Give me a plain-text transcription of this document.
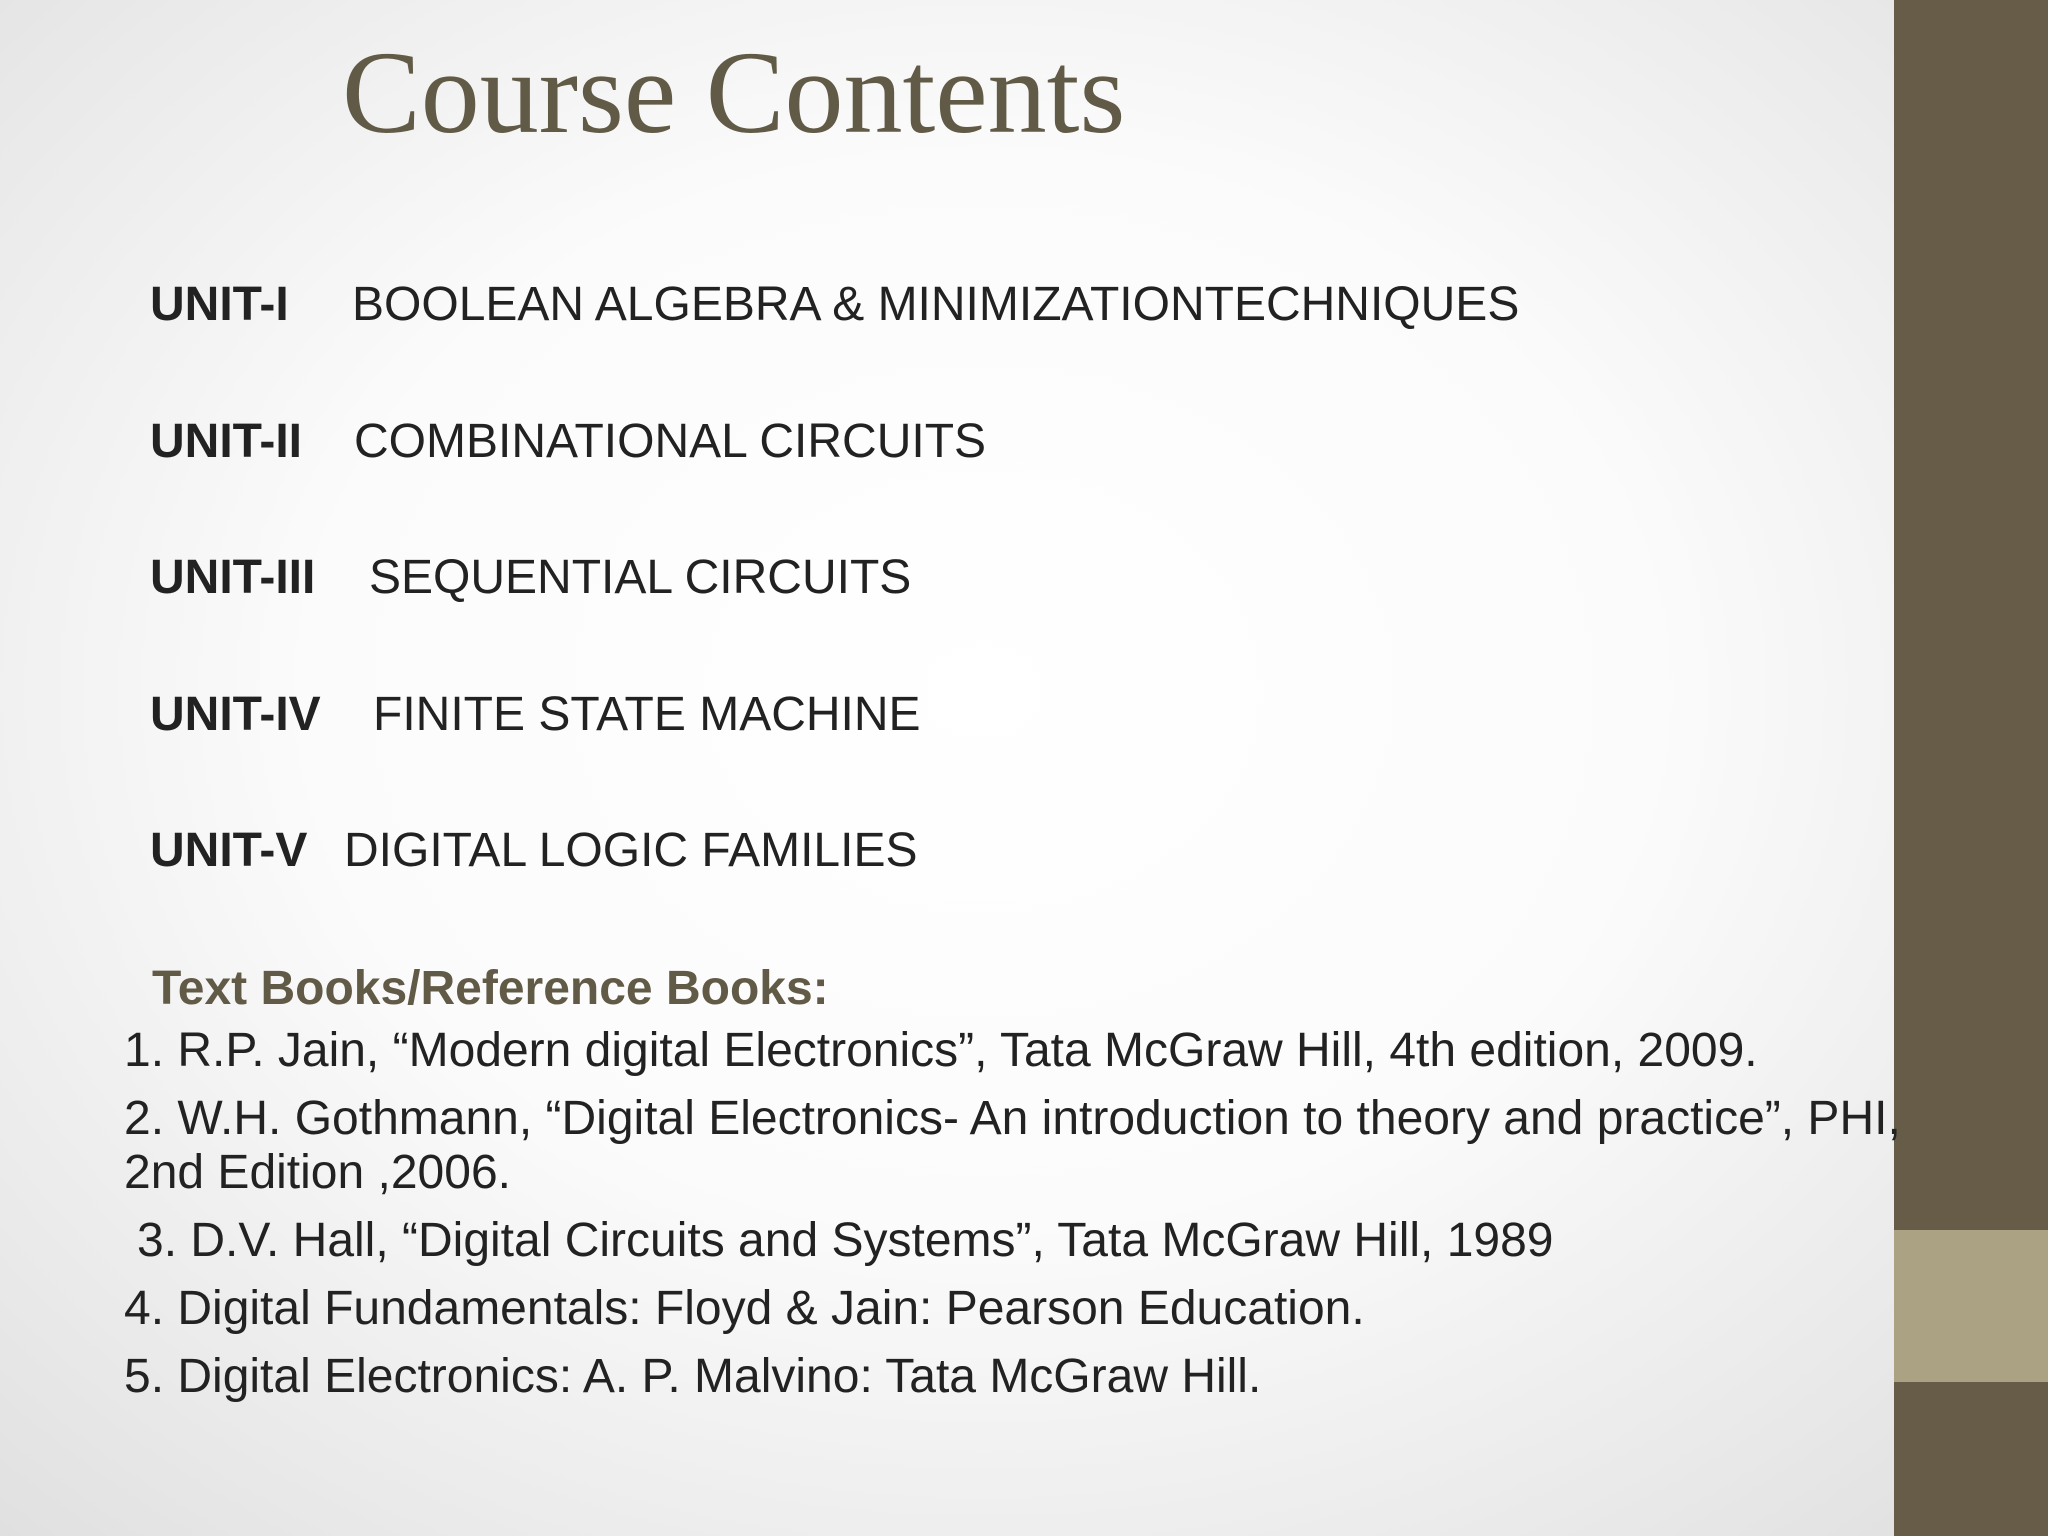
Course Contents
UNIT-I BOOLEAN ALGEBRA & MINIMIZATIONTECHNIQUES
UNIT-II COMBINATIONAL CIRCUITS
UNIT-III SEQUENTIAL CIRCUITS
UNIT-IV FINITE STATE MACHINE
UNIT-V DIGITAL LOGIC FAMILIES
Text Books/Reference Books:
1. R.P. Jain, “Modern digital Electronics”, Tata McGraw Hill, 4th edition, 2009.
2. W.H. Gothmann, “Digital Electronics- An introduction to theory and practice”, PHI, 2nd Edition ,2006.
3. D.V. Hall, “Digital Circuits and Systems”, Tata McGraw Hill, 1989
4. Digital Fundamentals: Floyd & Jain: Pearson Education.
5. Digital Electronics: A. P. Malvino: Tata McGraw Hill.
